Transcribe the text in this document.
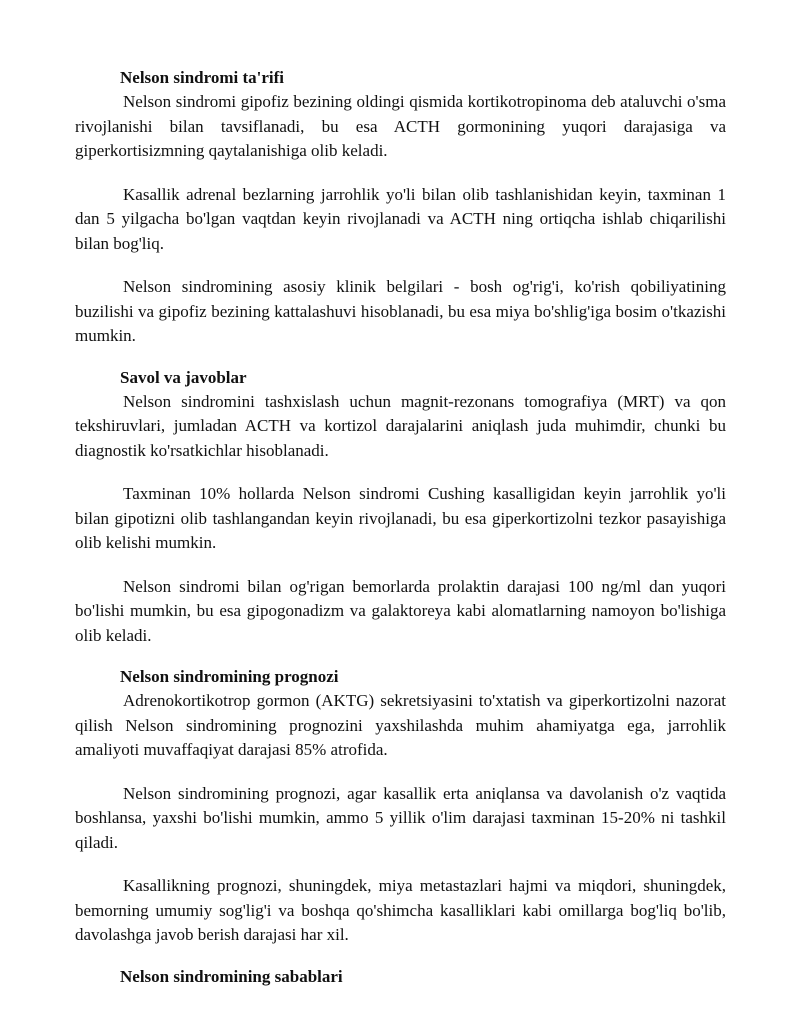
Nelson sindromi ta'rifi

Nelson sindromi gipofiz bezining oldingi qismida kortikotropinoma deb ataluvchi o'sma rivojlanishi bilan tavsiflanadi, bu esa ACTH gormonining yuqori darajasiga va giperkortisizmning qaytalanishiga olib keladi.

Kasallik adrenal bezlarning jarrohlik yo'li bilan olib tashlanishidan keyin, taxminan 1 dan 5 yilgacha bo'lgan vaqtdan keyin rivojlanadi va ACTH ning ortiqcha ishlab chiqarilishi bilan bog'liq.

Nelson sindromining asosiy klinik belgilari - bosh og'rig'i, ko'rish qobiliyatining buzilishi va gipofiz bezining kattalashuvi hisoblanadi, bu esa miya bo'shlig'iga bosim o'tkazishi mumkin.

Savol va javoblar

Nelson sindromini tashxislash uchun magnit-rezonans tomografiya (MRT) va qon tekshiruvlari, jumladan ACTH va kortizol darajalarini aniqlash juda muhimdir, chunki bu diagnostik ko'rsatkichlar hisoblanadi.

Taxminan 10% hollarda Nelson sindromi Cushing kasalligidan keyin jarrohlik yo'li bilan gipotizni olib tashlangandan keyin rivojlanadi, bu esa giperkortizolni tezkor pasayishiga olib kelishi mumkin.

Nelson sindromi bilan og'rigan bemorlarda prolaktin darajasi 100 ng/ml dan yuqori bo'lishi mumkin, bu esa gipogonadizm va galaktoreya kabi alomatlarning namoyon bo'lishiga olib keladi.

Nelson sindromining prognozi

Adrenokortikotrop gormon (AKTG) sekretsiyasini to'xtatish va giperkortizolni nazorat qilish Nelson sindromining prognozini yaxshilashda muhim ahamiyatga ega, jarrohlik amaliyoti muvaffaqiyat darajasi 85% atrofida.

Nelson sindromining prognozi, agar kasallik erta aniqlansa va davolanish o'z vaqtida boshlansa, yaxshi bo'lishi mumkin, ammo 5 yillik o'lim darajasi taxminan 15-20% ni tashkil qiladi.

Kasallikning prognozi, shuningdek, miya metastazlari hajmi va miqdori, shuningdek, bemorning umumiy sog'lig'i va boshqa qo'shimcha kasalliklari kabi omillarga bog'liq bo'lib, davolashga javob berish darajasi har xil.

Nelson sindromining sabablari
